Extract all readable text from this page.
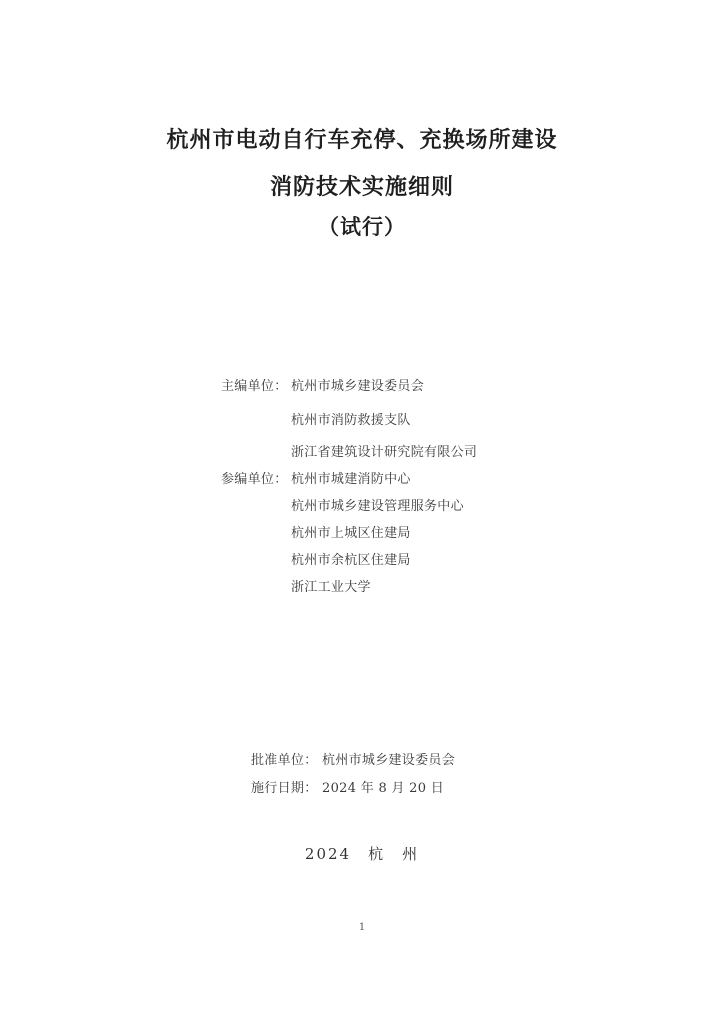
杭州市电动自行车充停、充换场所建设
消防技术实施细则
（试行）
主编单位： 杭州市城乡建设委员会
杭州市消防救援支队
浙江省建筑设计研究院有限公司
参编单位： 杭州市城建消防中心
杭州市城乡建设管理服务中心
杭州市上城区住建局
杭州市余杭区住建局
浙江工业大学
批准单位： 杭州市城乡建设委员会
施行日期： 2024 年 8 月 20 日
2024　杭　州
1
